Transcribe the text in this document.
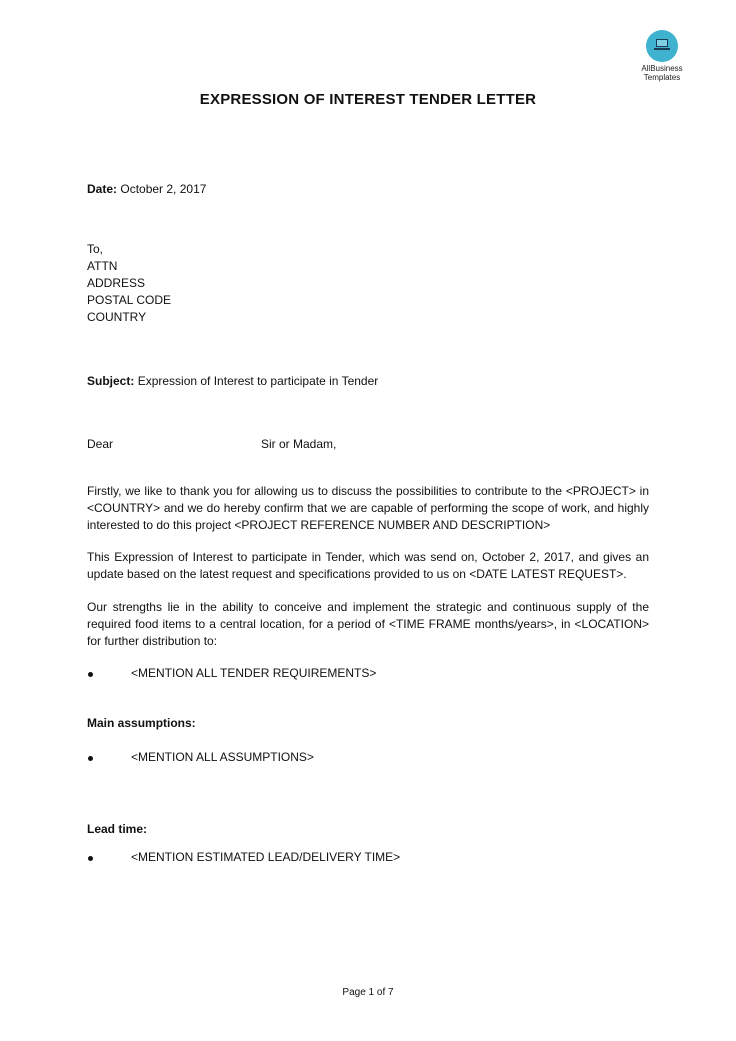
AllBusiness
Templates
EXPRESSION OF INTEREST TENDER LETTER
Date: October 2, 2017
To,
ATTN
ADDRESS
POSTAL CODE
COUNTRY
Subject: Expression of Interest to participate in Tender
Dear	Sir or Madam,
Firstly, we like to thank you for allowing us to discuss the possibilities to contribute to the <PROJECT> in <COUNTRY> and we do hereby confirm that we are capable of performing the scope of work, and highly interested to do this project <PROJECT REFERENCE NUMBER AND DESCRIPTION>
This Expression of Interest to participate in Tender, which was send on, October 2, 2017, and gives an update based on the latest request and specifications provided to us on <DATE LATEST REQUEST>.
Our strengths lie in the ability to conceive and implement the strategic and continuous supply of the required food items to a central location, for a period of <TIME FRAME months/years>, in <LOCATION> for further distribution to:
<MENTION ALL TENDER REQUIREMENTS>
Main assumptions:
<MENTION ALL ASSUMPTIONS>
Lead time:
<MENTION ESTIMATED LEAD/DELIVERY TIME>
Page 1 of 7
